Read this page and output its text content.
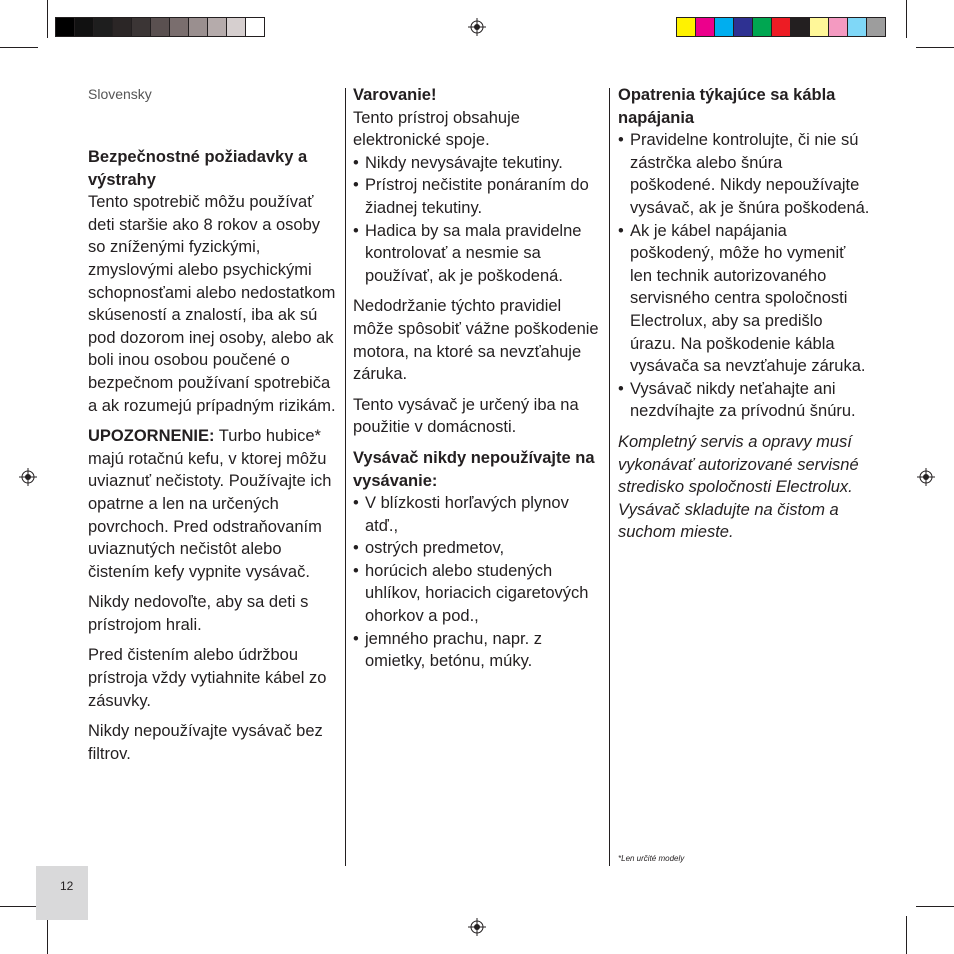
Slovensky

Bezpečnostné požiadavky a výstrahy
Tento spotrebič môžu používať deti staršie ako 8 rokov a osoby so zníženými fyzickými, zmyslovými alebo psychickými schopnosťami alebo nedostatkom skúseností a znalostí, iba ak sú pod dozorom inej osoby, alebo ak boli inou osobou poučené o bezpečnom používaní spotrebiča a ak rozumejú prípadným rizikám.

UPOZORNENIE: Turbo hubice* majú rotačnú kefu, v ktorej môžu uviaznuť nečistoty. Používajte ich opatrne a len na určených povrchoch. Pred odstraňovaním uviaznutých nečistôt alebo čistením kefy vypnite vysávač.

Nikdy nedovoľte, aby sa deti s prístrojom hrali.

Pred čistením alebo údržbou prístroja vždy vytiahnite kábel zo zásuvky.

Nikdy nepoužívajte vysávač bez filtrov.

Varovanie!
Tento prístroj obsahuje elektronické spoje.

• Nikdy nevysávajte tekutiny.
• Prístroj nečistite ponáraním do žiadnej tekutiny.
• Hadica by sa mala pravidelne kontrolovať a nesmie sa používať, ak je poškodená.

Nedodržanie týchto pravidiel môže spôsobiť vážne poškodenie motora, na ktoré sa nevzťahuje záruka.

Tento vysávač je určený iba na použitie v domácnosti.

Vysávač nikdy nepoužívajte na vysávanie:

• V blízkosti horľavých plynov atď.,
• ostrých predmetov,
• horúcich alebo studených uhlíkov, horiacich cigaretových ohorkov a pod.,
• jemného prachu, napr. z omietky, betónu, múky.

Opatrenia týkajúce sa kábla napájania

• Pravidelne kontrolujte, či nie sú zástrčka alebo šnúra poškodené. Nikdy nepoužívajte vysávač, ak je šnúra poškodená.
• Ak je kábel napájania poškodený, môže ho vymeniť len technik autorizovaného servisného centra spoločnosti Electrolux, aby sa predišlo úrazu. Na poškodenie kábla vysávača sa nevzťahuje záruka.
• Vysávač nikdy neťahajte ani nezdvíhajte za prívodnú šnúru.

Kompletný servis a opravy musí vykonávať autorizované servisné stredisko spoločnosti Electrolux. Vysávač skladujte na čistom a suchom mieste.

*Len určité modely
12
